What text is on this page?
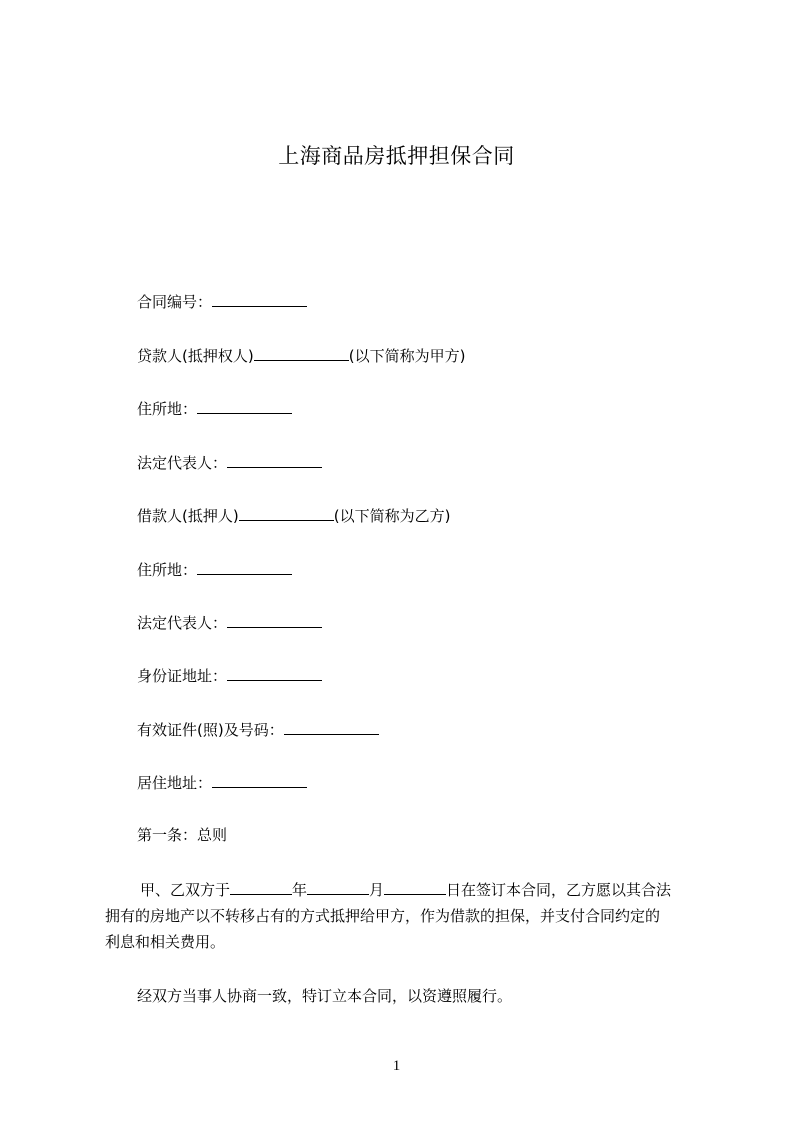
上海商品房抵押担保合同
合同编号：
贷款人(抵押权人)	(以下简称为甲方)
住所地：
法定代表人：
借款人(抵押人)	(以下简称为乙方)
住所地：
法定代表人：
身份证地址：
有效证件(照)及号码：
居住地址：
第一条：总则
甲、乙双方于	年	月	日在签订本合同，乙方愿以其合法
拥有的房地产以不转移占有的方式抵押给甲方，作为借款的担保，并支付合同约定的
利息和相关费用。
经双方当事人协商一致，特订立本合同，以资遵照履行。
1
